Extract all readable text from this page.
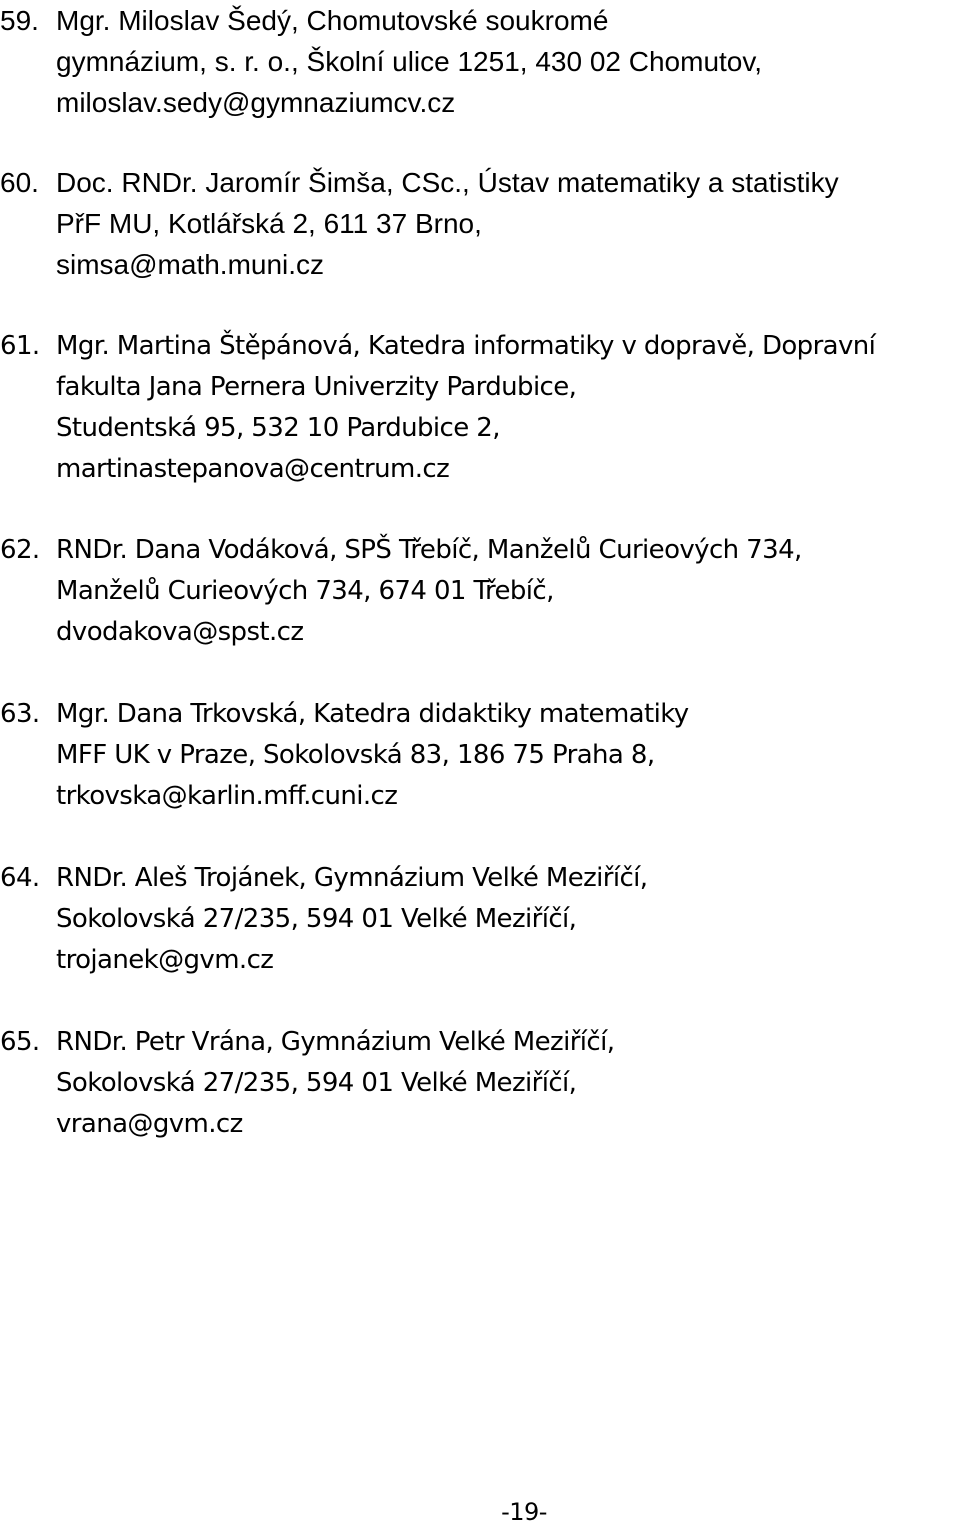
59. Mgr. Miloslav Šedý, Chomutovské soukromé
gymnázium, s. r. o., Školní ulice 1251, 430 02 Chomutov,
miloslav.sedy@gymnaziumcv.cz
60. Doc. RNDr. Jaromír Šimša, CSc., Ústav matematiky a statistiky
PřF MU, Kotlářská 2, 611 37 Brno,
simsa@math.muni.cz
61. Mgr. Martina Štěpánová, Katedra informatiky v dopravě, Dopravní
fakulta Jana Pernera Univerzity Pardubice,
Studentská 95, 532 10 Pardubice 2,
martinastepanova@centrum.cz
62. RNDr. Dana Vodáková, SPŠ Třebíč, Manželů Curieových 734,
Manželů Curieových 734, 674 01 Třebíč,
dvodakova@spst.cz
63. Mgr. Dana Trkovská, Katedra didaktiky matematiky
MFF UK v Praze, Sokolovská 83, 186 75 Praha 8,
trkovska@karlin.mff.cuni.cz
64. RNDr. Aleš Trojánek, Gymnázium Velké Meziříčí,
Sokolovská 27/235, 594 01 Velké Meziříčí,
trojanek@gvm.cz
65. RNDr. Petr Vrána, Gymnázium Velké Meziříčí,
Sokolovská 27/235, 594 01 Velké Meziříčí,
vrana@gvm.cz
-19-
